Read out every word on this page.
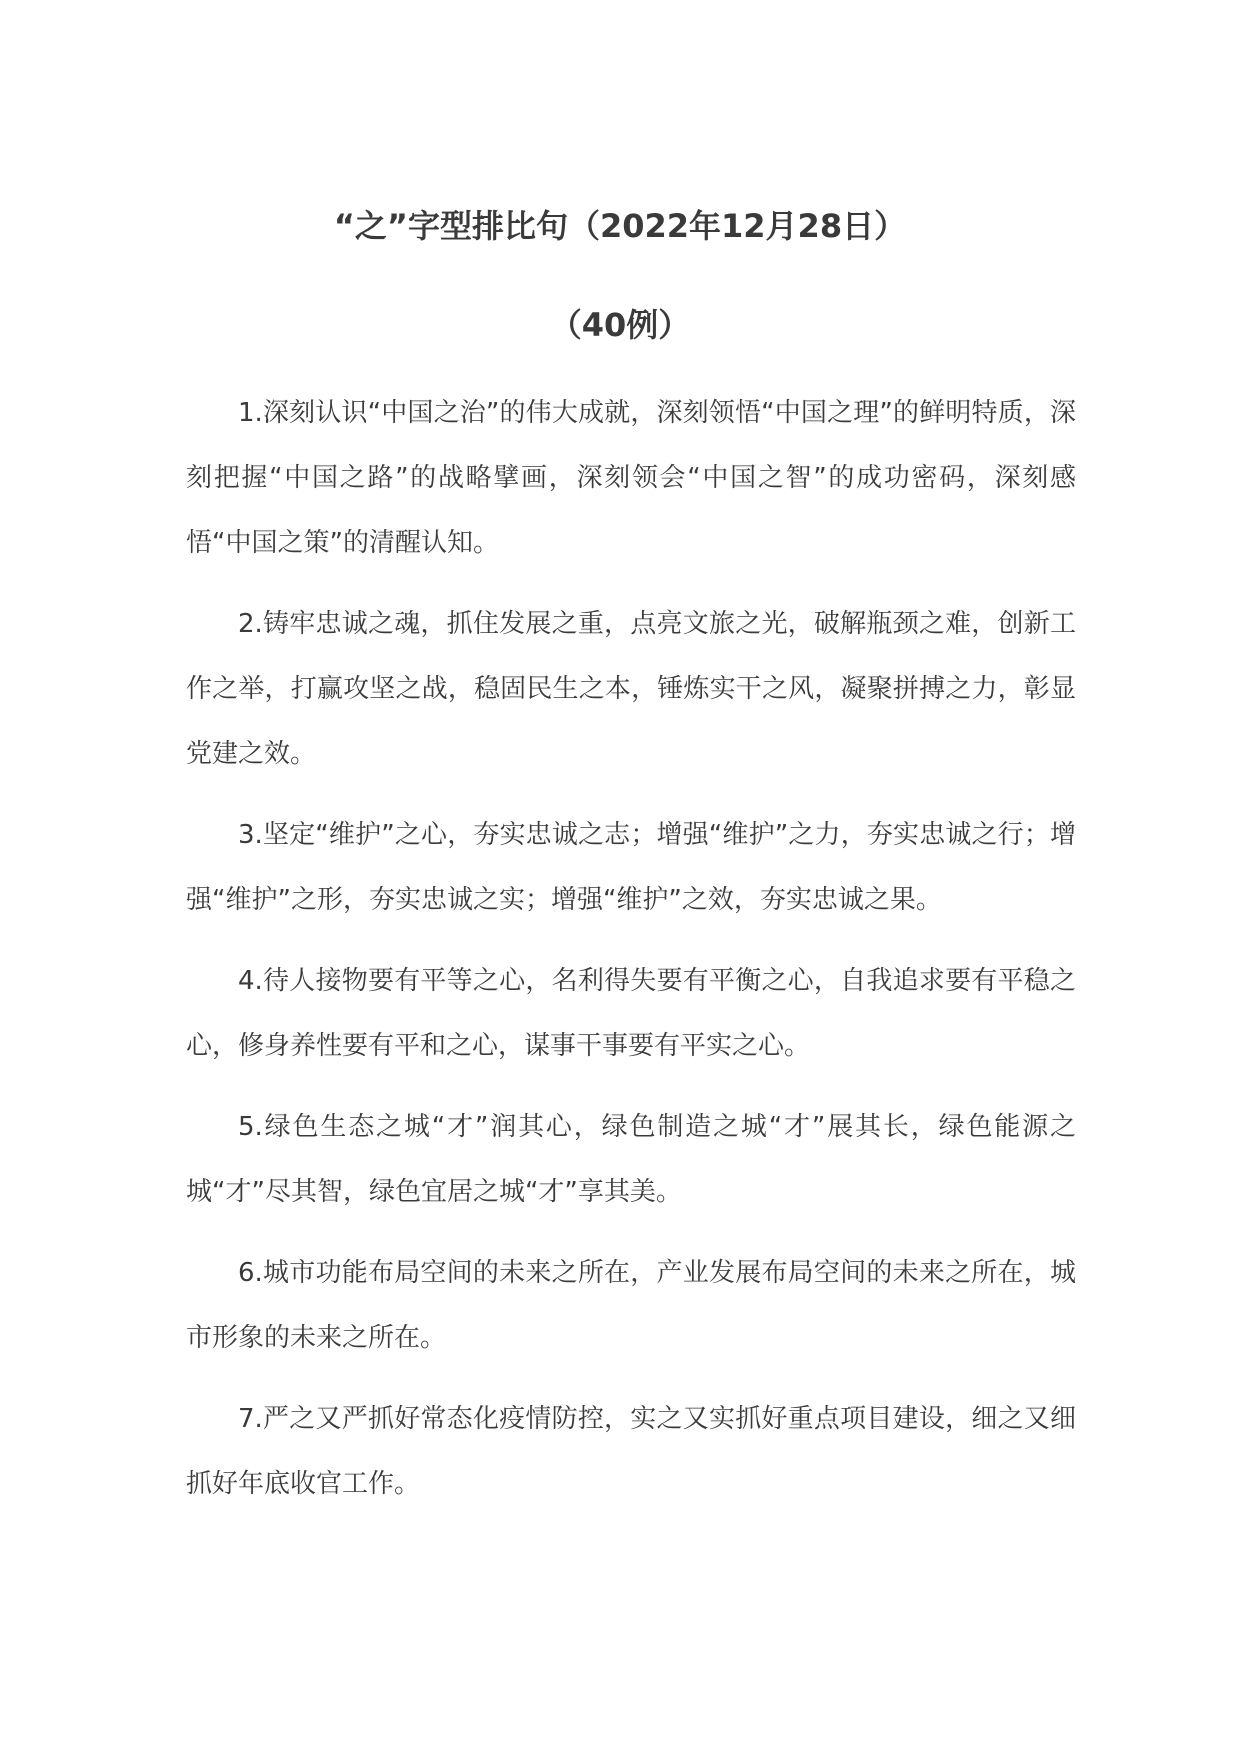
“之”字型排比句（2022年12月28日）
（40例）

1.深刻认识“中国之治”的伟大成就，深刻领悟“中国之理”的鲜明特质，深刻把握“中国之路”的战略擘画，深刻领会“中国之智”的成功密码，深刻感悟“中国之策”的清醒认知。

2.铸牢忠诚之魂，抓住发展之重，点亮文旅之光，破解瓶颈之难，创新工作之举，打赢攻坚之战，稳固民生之本，锤炼实干之风，凝聚拼搏之力，彰显党建之效。

3.坚定“维护”之心，夯实忠诚之志；增强“维护”之力，夯实忠诚之行；增强“维护”之形，夯实忠诚之实；增强“维护”之效，夯实忠诚之果。

4.待人接物要有平等之心，名利得失要有平衡之心，自我追求要有平稳之心，修身养性要有平和之心，谋事干事要有平实之心。

5.绿色生态之城“才”润其心，绿色制造之城“才”展其长，绿色能源之城“才”尽其智，绿色宜居之城“才”享其美。

6.城市功能布局空间的未来之所在，产业发展布局空间的未来之所在，城市形象的未来之所在。

7.严之又严抓好常态化疫情防控，实之又实抓好重点项目建设，细之又细抓好年底收官工作。
